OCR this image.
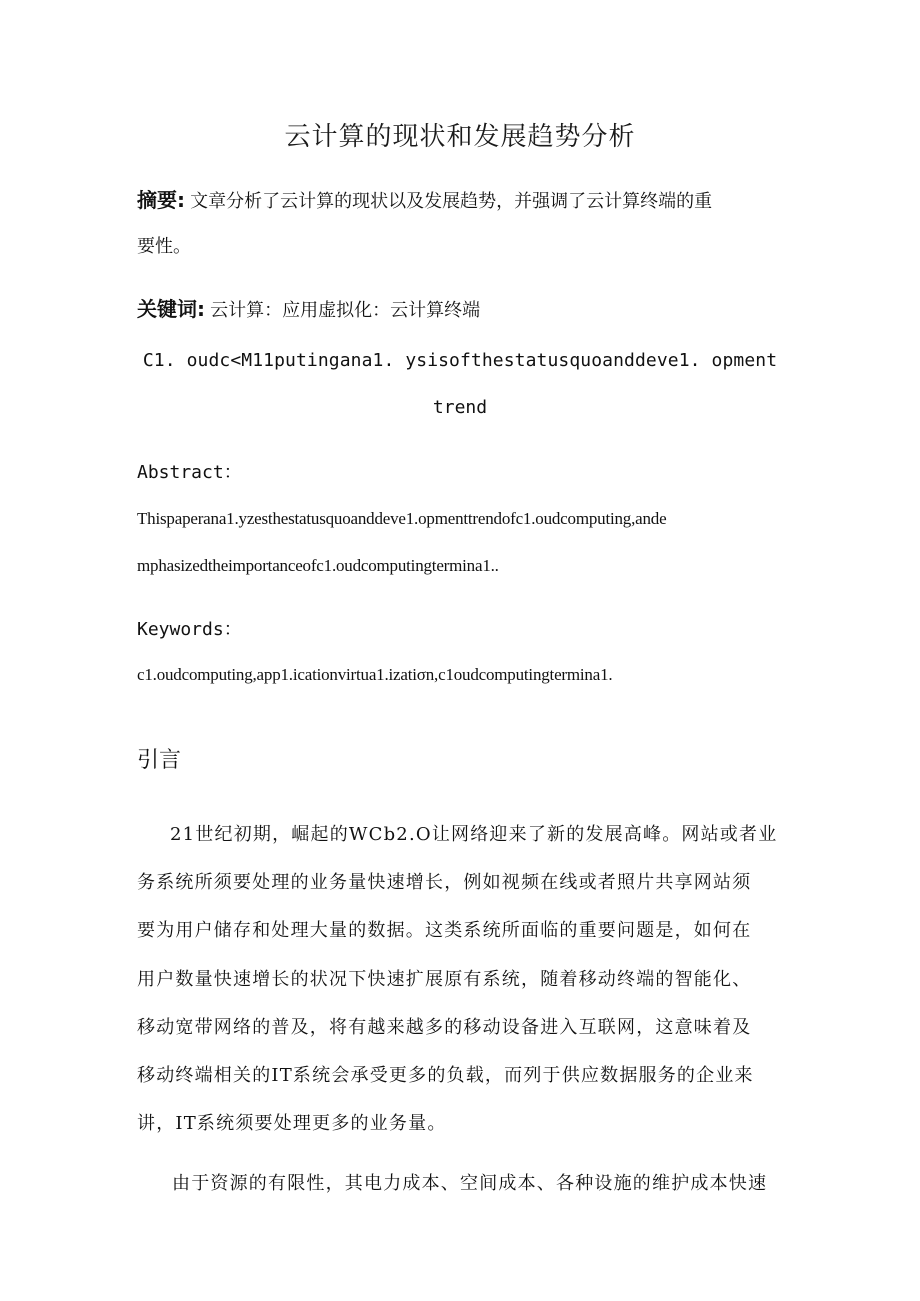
云计算的现状和发展趋势分析
摘要: 文章分析了云计算的现状以及发展趋势，并强调了云计算终端的重
要性。
关键词: 云计算：应用虚拟化：云计算终端
C1. oudc<M11putingana1. ysisofthestatusquoanddeve1. opment
trend
Abstract：
Thispaperana1.yzesthestatusquoanddeve1.opmenttrendofc1.oudcomputing,ande
mphasizedtheimportanceofc1.oudcomputingtermina1..
Keywords：
c1.oudcomputing,app1.icationvirtua1.izatiσn,c1oudcomputingtermina1.
引言
21世纪初期，崛起的WCb2.O让网络迎来了新的发展高峰。网站或者业
务系统所须要处理的业务量快速增长，例如视频在线或者照片共享网站须
要为用户储存和处理大量的数据。这类系统所面临的重要问题是，如何在
用户数量快速增长的状况下快速扩展原有系统，随着移动终端的智能化、
移动宽带网络的普及，将有越来越多的移动设备进入互联网，这意味着及
移动终端相关的IT系统会承受更多的负载，而列于供应数据服务的企业来
讲，IT系统须要处理更多的业务量。
由于资源的有限性，其电力成本、空间成本、各种设施的维护成本快速
